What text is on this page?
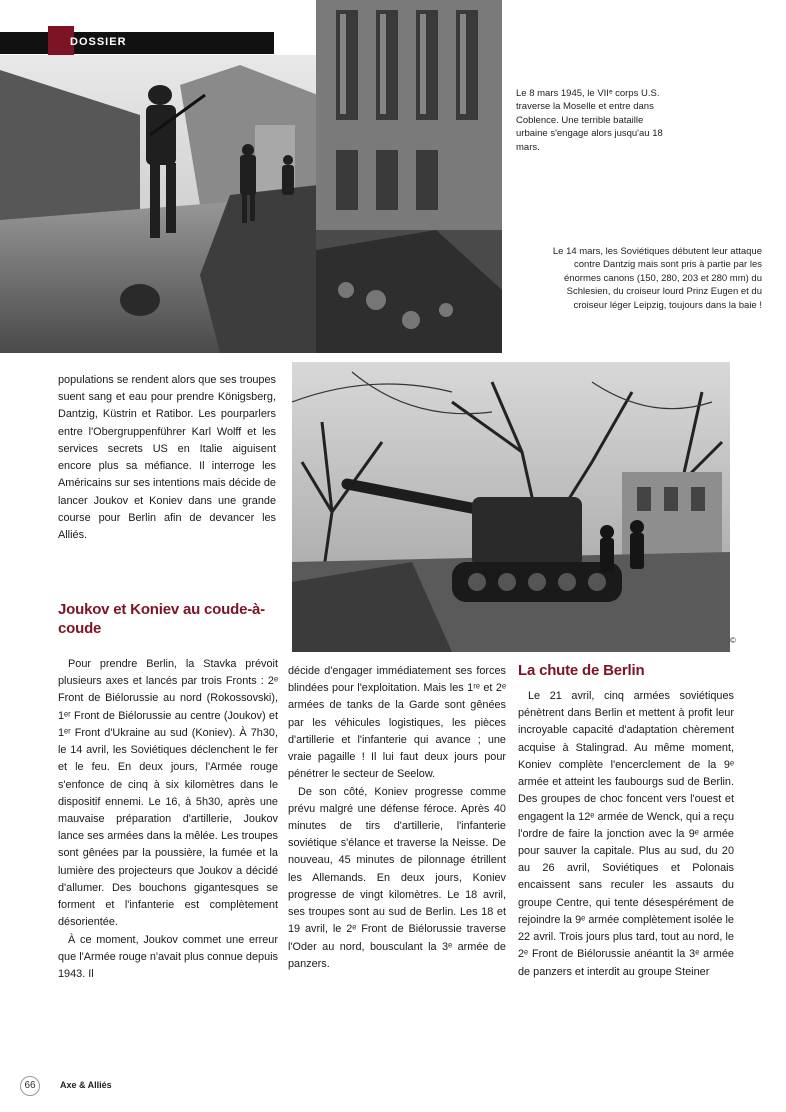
DOSSIER
Le 8 mars 1945, le VIIᵉ corps U.S. traverse la Moselle et entre dans Coblence. Une terrible bataille urbaine s'engage alors jusqu'au 18 mars.
Le 14 mars, les Soviétiques débutent leur attaque contre Dantzig mais sont pris à partie par les énormes canons (150, 280, 203 et 280 mm) du Schlesien, du croiseur lourd Prinz Eugen et du croiseur léger Leipzig, toujours dans la baie !
©

populations se rendent alors que ses troupes suent sang et eau pour prendre Königsberg, Dantzig, Küstrin et Ratibor. Les pourparlers entre l'Obergruppenführer Karl Wolff et les services secrets US en Italie aiguisent encore plus sa méfiance. Il interroge les Américains sur ses intentions mais décide de lancer Joukov et Koniev dans une grande course pour Berlin afin de devancer les Alliés.

Joukov et Koniev au coude-à-coude

Pour prendre Berlin, la Stavka prévoit plusieurs axes et lancés par trois Fronts : 2ᵉ Front de Biélorussie au nord (Rokossovski), 1ᵉʳ Front de Biélorussie au centre (Joukov) et 1ᵉʳ Front d'Ukraine au sud (Koniev). À 7h30, le 14 avril, les Soviétiques déclenchent le fer et le feu. En deux jours, l'Armée rouge s'enfonce de cinq à six kilomètres dans le dispositif ennemi. Le 16, à 5h30, après une mauvaise préparation d'artillerie, Joukov lance ses armées dans la mêlée. Les troupes sont gênées par la poussière, la fumée et la lumière des projecteurs que Joukov a décidé d'allumer. Des bouchons gigantesques se forment et l'infanterie est complètement désorientée.

À ce moment, Joukov commet une erreur que l'Armée rouge n'avait plus connue depuis 1943. Il

décide d'engager immédiatement ses forces blindées pour l'exploitation. Mais les 1ʳᵉ et 2ᵉ armées de tanks de la Garde sont gênées par les véhicules logistiques, les pièces d'artillerie et l'infanterie qui avance ; une vraie pagaille ! Il lui faut deux jours pour pénétrer le secteur de Seelow.

De son côté, Koniev progresse comme prévu malgré une défense féroce. Après 40 minutes de tirs d'artillerie, l'infanterie soviétique s'élance et traverse la Neisse. De nouveau, 45 minutes de pilonnage étrillent les Allemands. En deux jours, Koniev progresse de vingt kilomètres. Le 18 avril, ses troupes sont au sud de Berlin. Les 18 et 19 avril, le 2ᵉ Front de Biélorussie traverse l'Oder au nord, bousculant la 3ᵉ armée de panzers.

La chute de Berlin

Le 21 avril, cinq armées soviétiques pénètrent dans Berlin et mettent à profit leur incroyable capacité d'adaptation chèrement acquise à Stalingrad. Au même moment, Koniev complète l'encerclement de la 9ᵉ armée et atteint les faubourgs sud de Berlin. Des groupes de choc foncent vers l'ouest et engagent la 12ᵉ armée de Wenck, qui a reçu l'ordre de faire la jonction avec la 9ᵉ armée pour sauver la capitale. Plus au sud, du 20 au 26 avril, Soviétiques et Polonais encaissent sans reculer les assauts du groupe Centre, qui tente désespérément de rejoindre la 9ᵉ armée complètement isolée le 22 avril. Trois jours plus tard, tout au nord, le 2ᵉ Front de Biélorussie anéantit la 3ᵉ armée de panzers et interdit au groupe Steiner

66	Axe & Alliés
